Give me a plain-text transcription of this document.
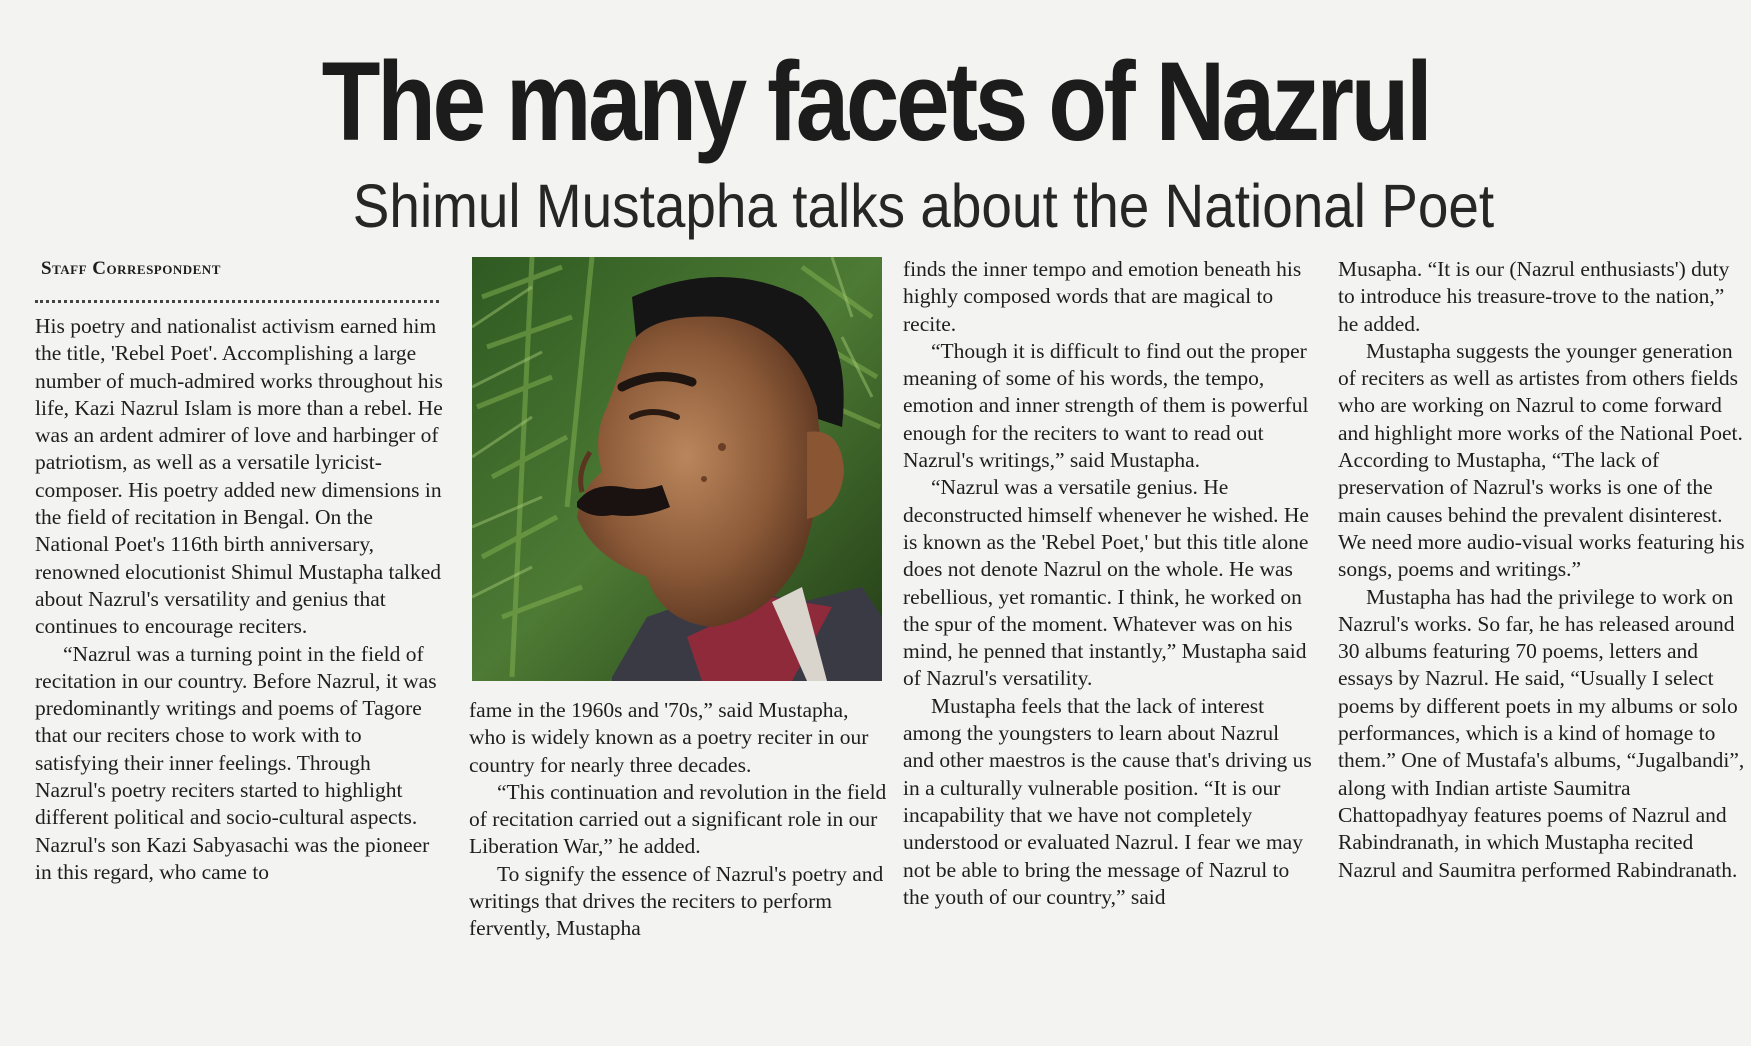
The many facets of Nazrul
Shimul Mustapha talks about the National Poet
Staff Correspondent

His poetry and nationalist activism earned him the title, 'Rebel Poet'. Accomplishing a large number of much-admired works throughout his life, Kazi Nazrul Islam is more than a rebel. He was an ardent admirer of love and harbinger of patriotism, as well as a versatile lyricist-composer. His poetry added new dimensions in the field of recitation in Bengal. On the National Poet's 116th birth anniversary, renowned elocutionist Shimul Mustapha talked about Nazrul's versatility and genius that continues to encourage reciters.

“Nazrul was a turning point in the field of recitation in our country. Before Nazrul, it was predominantly writings and poems of Tagore that our reciters chose to work with to satisfying their inner feelings. Through Nazrul's poetry reciters started to highlight different political and socio-cultural aspects. Nazrul's son Kazi Sabyasachi was the pioneer in this regard, who came to

fame in the 1960s and '70s,” said Mustapha, who is widely known as a poetry reciter in our country for nearly three decades.

“This continuation and revolution in the field of recitation carried out a significant role in our Liberation War,” he added.

To signify the essence of Nazrul's poetry and writings that drives the reciters to perform fervently, Mustapha

finds the inner tempo and emotion beneath his highly composed words that are magical to recite.

“Though it is difficult to find out the proper meaning of some of his words, the tempo, emotion and inner strength of them is powerful enough for the reciters to want to read out Nazrul's writings,” said Mustapha.

“Nazrul was a versatile genius. He deconstructed himself whenever he wished. He is known as the 'Rebel Poet,' but this title alone does not denote Nazrul on the whole. He was rebellious, yet romantic. I think, he worked on the spur of the moment. Whatever was on his mind, he penned that instantly,” Mustapha said of Nazrul's versatility.

Mustapha feels that the lack of interest among the youngsters to learn about Nazrul and other maestros is the cause that's driving us in a culturally vulnerable position. “It is our incapability that we have not completely understood or evaluated Nazrul. I fear we may not be able to bring the message of Nazrul to the youth of our country,” said

Musapha. “It is our (Nazrul enthusiasts') duty to introduce his treasure-trove to the nation,” he added.

Mustapha suggests the younger generation of reciters as well as artistes from others fields who are working on Nazrul to come forward and highlight more works of the National Poet. According to Mustapha, “The lack of preservation of Nazrul's works is one of the main causes behind the prevalent disinterest. We need more audio-visual works featuring his songs, poems and writings.”

Mustapha has had the privilege to work on Nazrul's works. So far, he has released around 30 albums featuring 70 poems, letters and essays by Nazrul. He said, “Usually I select poems by different poets in my albums or solo performances, which is a kind of homage to them.” One of Mustafa's albums, “Jugalbandi”, along with Indian artiste Saumitra Chattopadhyay features poems of Nazrul and Rabindranath, in which Mustapha recited Nazrul and Saumitra performed Rabindranath.
